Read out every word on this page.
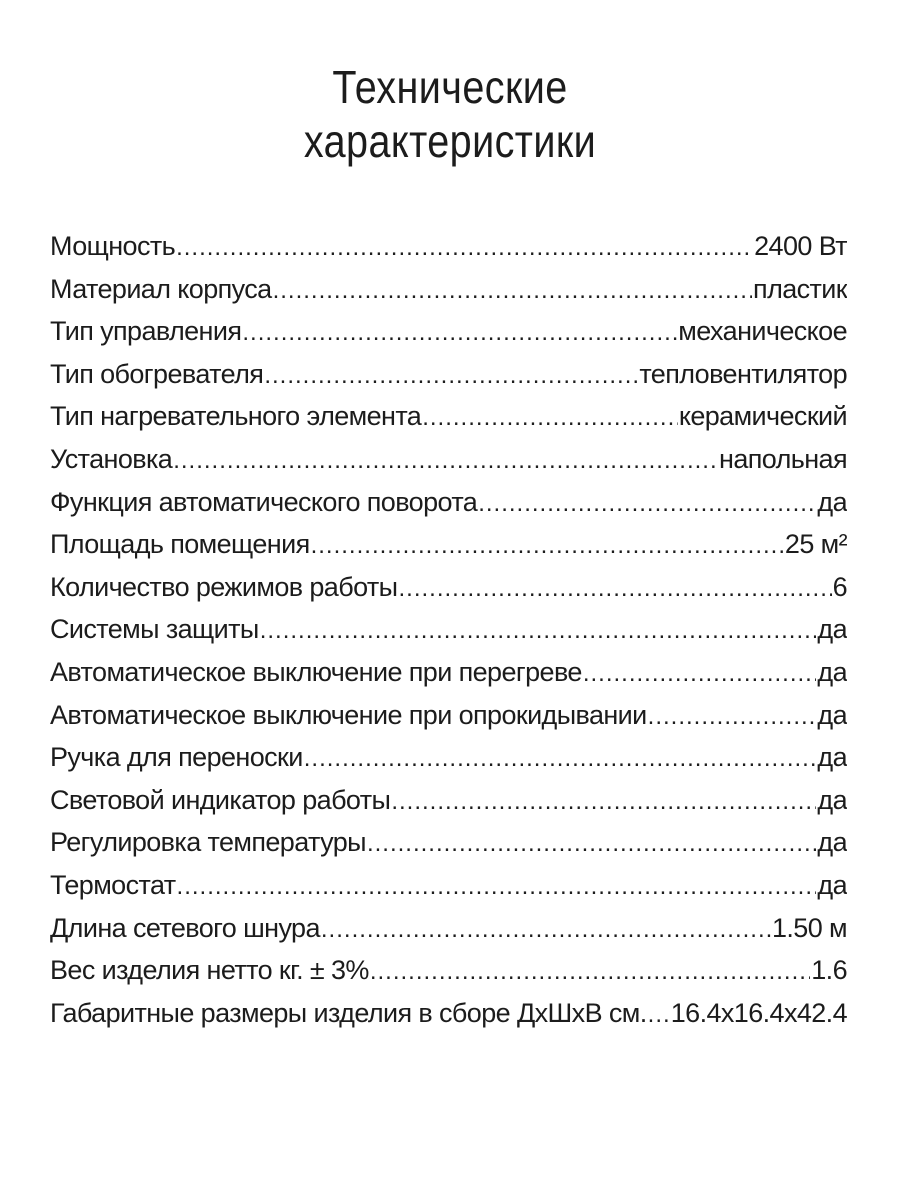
Технические
характеристики
Мощность .....	2400 Вт
Материал корпуса .....	пластик
Тип управления .....	механическое
Тип обогревателя .....	тепловентилятор
Тип нагревательного элемента .....	керамический
Установка .....	напольная
Функция автоматического поворота .....	да
Площадь помещения .....	25 м²
Количество режимов работы .....	6
Системы защиты .....	да
Автоматическое выключение при перегреве .....	да
Автоматическое выключение при опрокидывании .....	да
Ручка для переноски .....	да
Световой индикатор работы .....	да
Регулировка температуры .....	да
Термостат .....	да
Длина сетевого шнура .....	1.50 м
Вес изделия нетто кг. ± 3% .....	1.6
Габаритные размеры изделия в сборе ДхШхВ см. ..... 16.4x16.4x42.4
